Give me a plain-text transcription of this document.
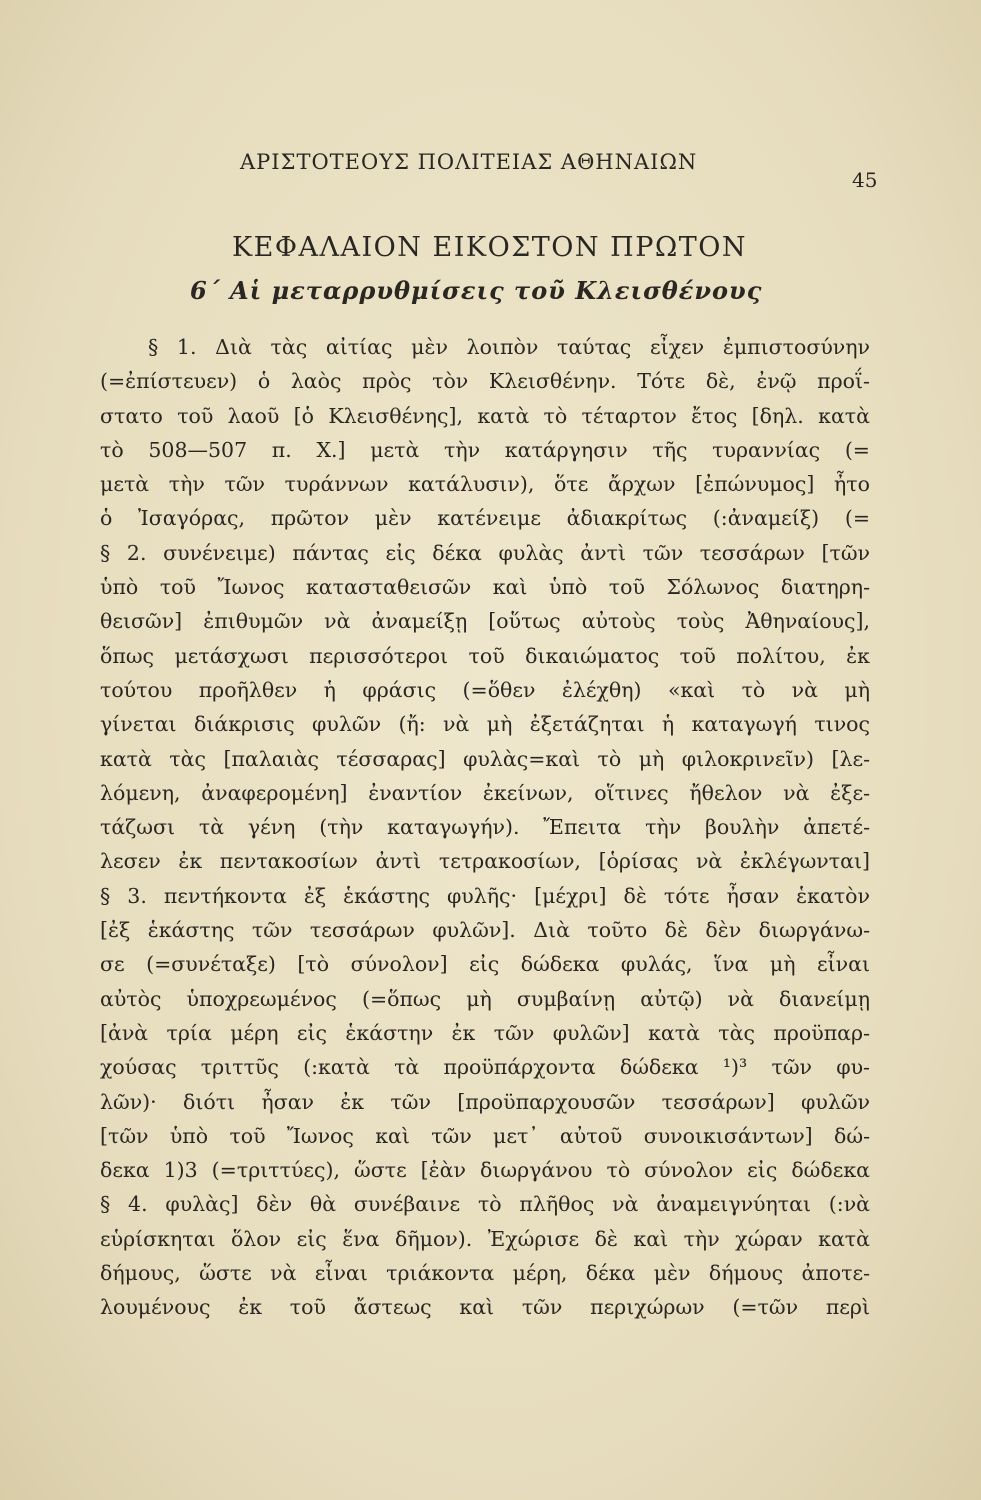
ΑΡΙΣΤΟΤΕΟΥΣ ΠΟΛΙΤΕΙΑΣ ΑΘΗΝΑΙΩΝ
45
ΚΕΦΑΛΑΙΟΝ ΕΙΚΟΣΤΟΝ ΠΡΩΤΟΝ
6΄ Αἱ μεταρρυθμίσεις τοῦ Κλεισθένους
§ 1. Διὰ τὰς αἰτίας μὲν λοιπὸν ταύτας εἶχεν ἐμπιστοσύνην
(=ἐπίστευεν) ὁ λαὸς πρὸς τὸν Κλεισθένην. Τότε δὲ, ἐνῷ προΐ-
στατο τοῦ λαοῦ [ὁ Κλεισθένης], κατὰ τὸ τέταρτον ἔτος [δηλ. κατὰ
τὸ 508—507 π. Χ.] μετὰ τὴν κατάργησιν τῆς τυραννίας (=
μετὰ τὴν τῶν τυράννων κατάλυσιν), ὅτε ἄρχων [ἐπώνυμος] ἦτο
ὁ Ἰσαγόρας, πρῶτον μὲν κατένειμε ἀδιακρίτως (:ἀναμείξ) (=
§ 2. συνένειμε) πάντας εἰς δέκα φυλὰς ἀντὶ τῶν τεσσάρων [τῶν
ὑπὸ τοῦ Ἴωνος κατασταθεισῶν καὶ ὑπὸ τοῦ Σόλωνος διατηρη-
θεισῶν] ἐπιθυμῶν νὰ ἀναμείξῃ [οὕτως αὐτοὺς τοὺς Ἀθηναίους],
ὅπως μετάσχωσι περισσότεροι τοῦ δικαιώματος τοῦ πολίτου, ἐκ
τούτου προῆλθεν ἡ φράσις (=ὅθεν ἐλέχθη) «καὶ τὸ νὰ μὴ
γίνεται διάκρισις φυλῶν (ἤ: νὰ μὴ ἐξετάζηται ἡ καταγωγή τινος
κατὰ τὰς [παλαιὰς τέσσαρας] φυλὰς=καὶ τὸ μὴ φιλοκρινεῖν) [λε-
λόμενη, ἀναφερομένη] ἐναντίον ἐκείνων, οἵτινες ἤθελον νὰ ἐξε-
τάζωσι τὰ γένη (τὴν καταγωγήν). Ἔπειτα τὴν βουλὴν ἀπετέ-
λεσεν ἐκ πεντακοσίων ἀντὶ τετρακοσίων, [ὁρίσας νὰ ἐκλέγωνται]
§ 3. πεντήκοντα ἐξ ἑκάστης φυλῆς· [μέχρι] δὲ τότε ἦσαν ἑκατὸν
[ἐξ ἑκάστης τῶν τεσσάρων φυλῶν]. Διὰ τοῦτο δὲ δὲν διωργάνω-
σε (=συνέταξε) [τὸ σύνολον] εἰς δώδεκα φυλάς, ἵνα μὴ εἶναι
αὐτὸς ὑποχρεωμένος (=ὅπως μὴ συμβαίνῃ αὐτῷ) νὰ διανείμῃ
[ἀνὰ τρία μέρη εἰς ἑκάστην ἐκ τῶν φυλῶν] κατὰ τὰς προϋπαρ-
χούσας τριττῦς (:κατὰ τὰ προϋπάρχοντα δώδεκα ¹)³ τῶν φυ-
λῶν)· διότι ἦσαν ἐκ τῶν [προϋπαρχουσῶν τεσσάρων] φυλῶν
[τῶν ὑπὸ τοῦ Ἴωνος καὶ τῶν μετ᾽ αὐτοῦ συνοικισάντων] δώ-
δεκα 1)3 (=τριττύες), ὥστε [ἐὰν διωργάνου τὸ σύνολον εἰς δώδεκα
§ 4. φυλὰς] δὲν θὰ συνέβαινε τὸ πλῆθος νὰ ἀναμειγνύηται (:νὰ
εὑρίσκηται ὅλον εἰς ἕνα δῆμον). Ἐχώρισε δὲ καὶ τὴν χώραν κατὰ
δήμους, ὥστε νὰ εἶναι τριάκοντα μέρη, δέκα μὲν δήμους ἀποτε-
λουμένους ἐκ τοῦ ἄστεως καὶ τῶν περιχώρων (=τῶν περὶ
